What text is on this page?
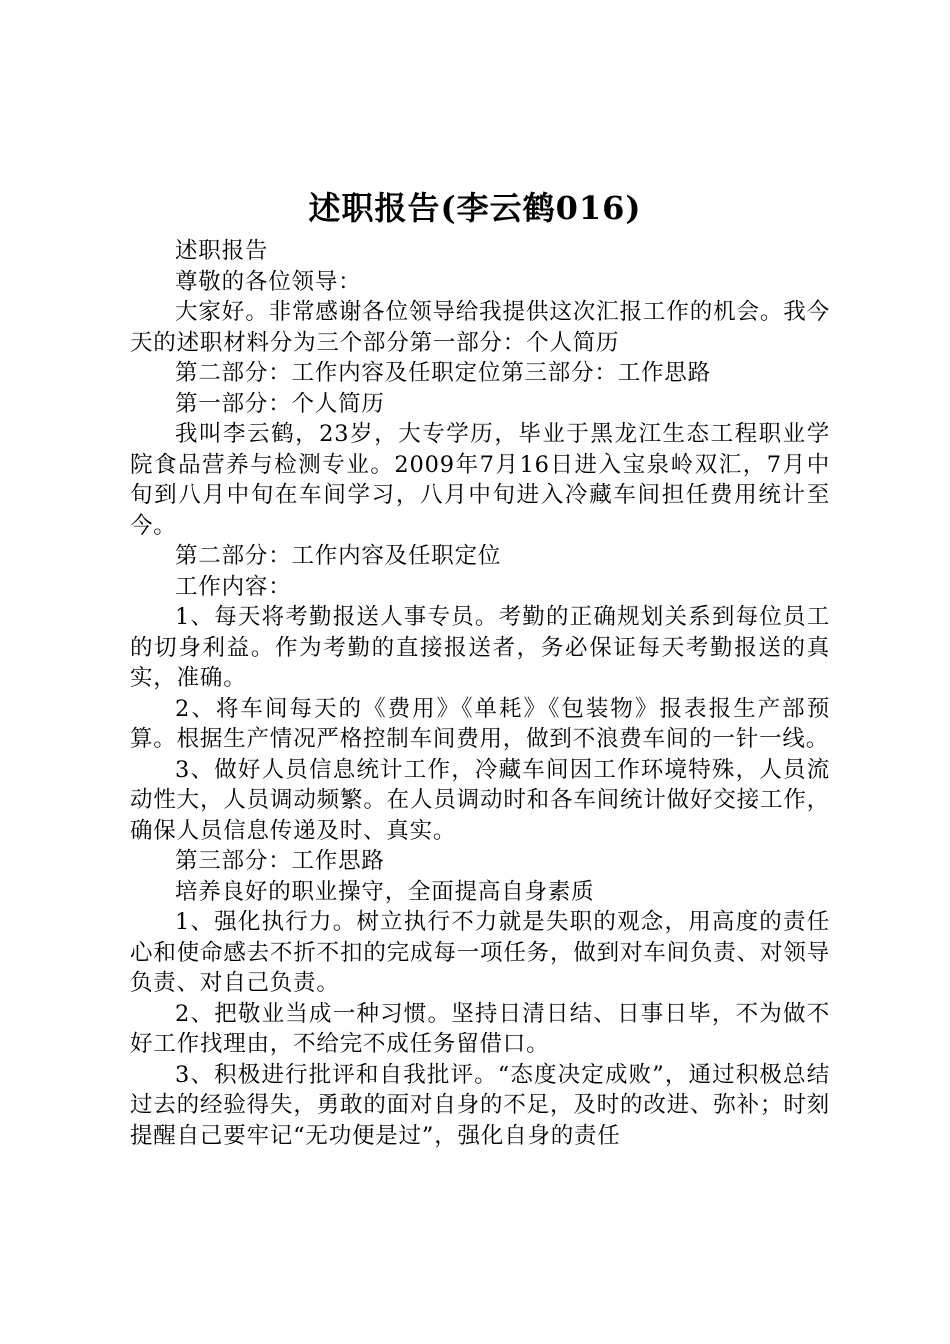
述职报告(李云鹤016)

述职报告

尊敬的各位领导：

大家好。非常感谢各位领导给我提供这次汇报工作的机会。我今天的述职材料分为三个部分第一部分：个人简历

第二部分：工作内容及任职定位第三部分：工作思路

第一部分：个人简历

我叫李云鹤，23岁，大专学历，毕业于黑龙江生态工程职业学院食品营养与检测专业。2009年7月16日进入宝泉岭双汇，7月中旬到八月中旬在车间学习，八月中旬进入冷藏车间担任费用统计至今。

第二部分：工作内容及任职定位

工作内容：

1、每天将考勤报送人事专员。考勤的正确规划关系到每位员工的切身利益。作为考勤的直接报送者，务必保证每天考勤报送的真实，准确。

2、将车间每天的《费用》《单耗》《包装物》报表报生产部预算。根据生产情况严格控制车间费用，做到不浪费车间的一针一线。

3、做好人员信息统计工作，冷藏车间因工作环境特殊，人员流动性大，人员调动频繁。在人员调动时和各车间统计做好交接工作，确保人员信息传递及时、真实。

第三部分：工作思路

培养良好的职业操守，全面提高自身素质

1、强化执行力。树立执行不力就是失职的观念，用高度的责任心和使命感去不折不扣的完成每一项任务，做到对车间负责、对领导负责、对自己负责。

2、把敬业当成一种习惯。坚持日清日结、日事日毕，不为做不好工作找理由，不给完不成任务留借口。

3、积极进行批评和自我批评。“态度决定成败”，通过积极总结过去的经验得失，勇敢的面对自身的不足，及时的改进、弥补；时刻提醒自己要牢记“无功便是过”，强化自身的责任
